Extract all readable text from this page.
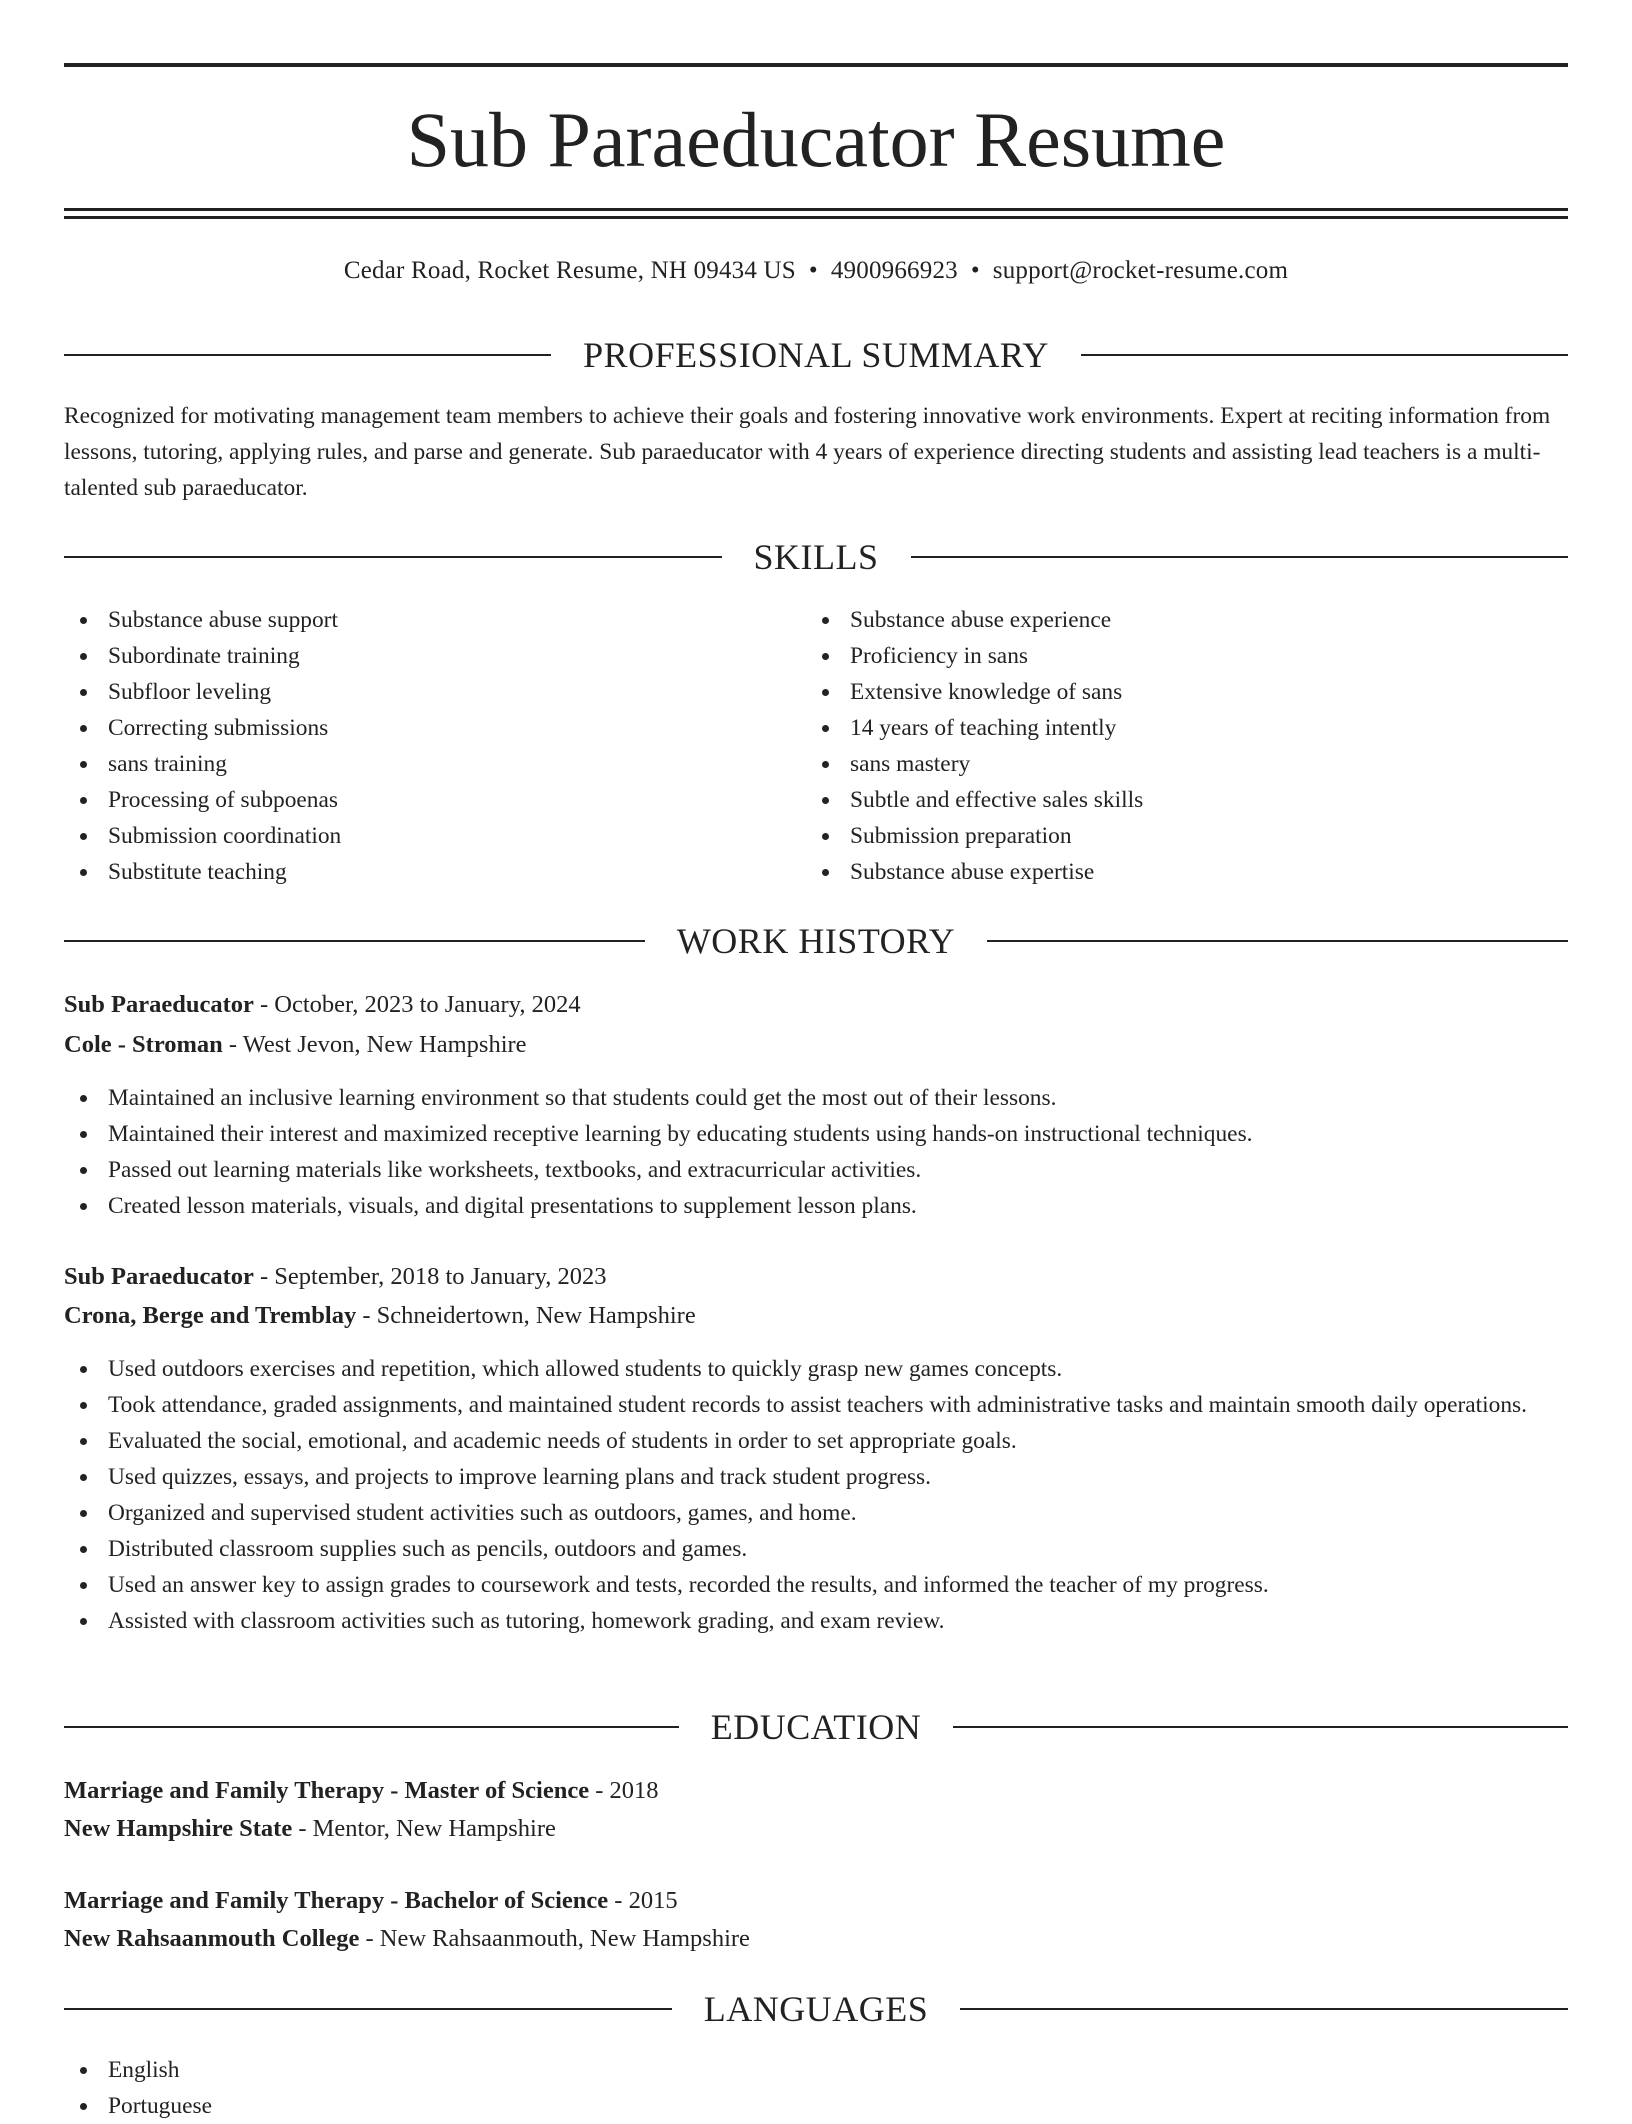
Sub Paraeducator Resume
Cedar Road, Rocket Resume, NH 09434 US • 4900966923 • support@rocket-resume.com
PROFESSIONAL SUMMARY

Recognized for motivating management team members to achieve their goals and fostering innovative work environments. Expert at reciting information from lessons, tutoring, applying rules, and parse and generate. Sub paraeducator with 4 years of experience directing students and assisting lead teachers is a multi-talented sub paraeducator.

SKILLS
Substance abuse support
Subordinate training
Subfloor leveling
Correcting submissions
sans training
Processing of subpoenas
Submission coordination
Substitute teaching
Substance abuse experience
Proficiency in sans
Extensive knowledge of sans
14 years of teaching intently
sans mastery
Subtle and effective sales skills
Submission preparation
Substance abuse expertise
WORK HISTORY
Sub Paraeducator - October, 2023 to January, 2024
Cole - Stroman - West Jevon, New Hampshire
Maintained an inclusive learning environment so that students could get the most out of their lessons.
Maintained their interest and maximized receptive learning by educating students using hands-on instructional techniques.
Passed out learning materials like worksheets, textbooks, and extracurricular activities.
Created lesson materials, visuals, and digital presentations to supplement lesson plans.
Sub Paraeducator - September, 2018 to January, 2023
Crona, Berge and Tremblay - Schneidertown, New Hampshire
Used outdoors exercises and repetition, which allowed students to quickly grasp new games concepts.
Took attendance, graded assignments, and maintained student records to assist teachers with administrative tasks and maintain smooth daily operations.
Evaluated the social, emotional, and academic needs of students in order to set appropriate goals.
Used quizzes, essays, and projects to improve learning plans and track student progress.
Organized and supervised student activities such as outdoors, games, and home.
Distributed classroom supplies such as pencils, outdoors and games.
Used an answer key to assign grades to coursework and tests, recorded the results, and informed the teacher of my progress.
Assisted with classroom activities such as tutoring, homework grading, and exam review.
EDUCATION
Marriage and Family Therapy - Master of Science - 2018
New Hampshire State - Mentor, New Hampshire
Marriage and Family Therapy - Bachelor of Science - 2015
New Rahsaanmouth College - New Rahsaanmouth, New Hampshire
LANGUAGES
English
Portuguese
